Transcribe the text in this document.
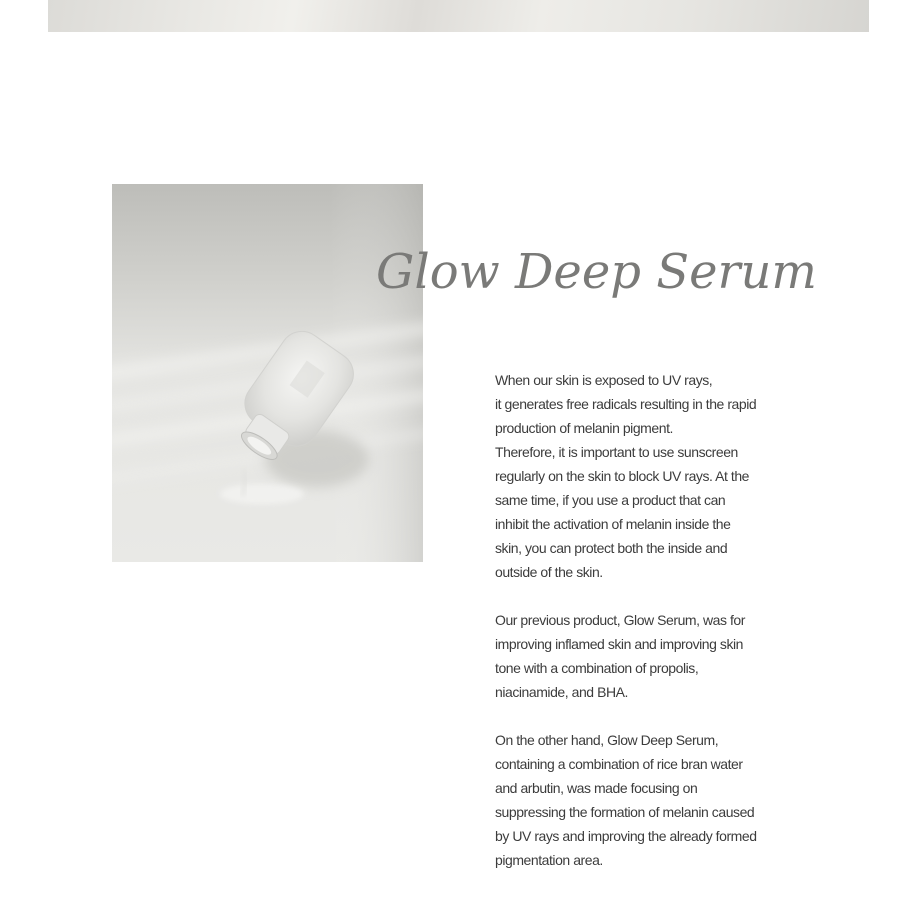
Glow Deep Serum

When our skin is exposed to UV rays,
it generates free radicals resulting in the rapid
production of melanin pigment.
Therefore, it is important to use sunscreen
regularly on the skin to block UV rays. At the
same time, if you use a product that can
inhibit the activation of melanin inside the
skin, you can protect both the inside and
outside of the skin.

Our previous product, Glow Serum, was for
improving inflamed skin and improving skin
tone with a combination of propolis,
niacinamide, and BHA.

On the other hand, Glow Deep Serum,
containing a combination of rice bran water
and arbutin, was made focusing on
suppressing the formation of melanin caused
by UV rays and improving the already formed
pigmentation area.
